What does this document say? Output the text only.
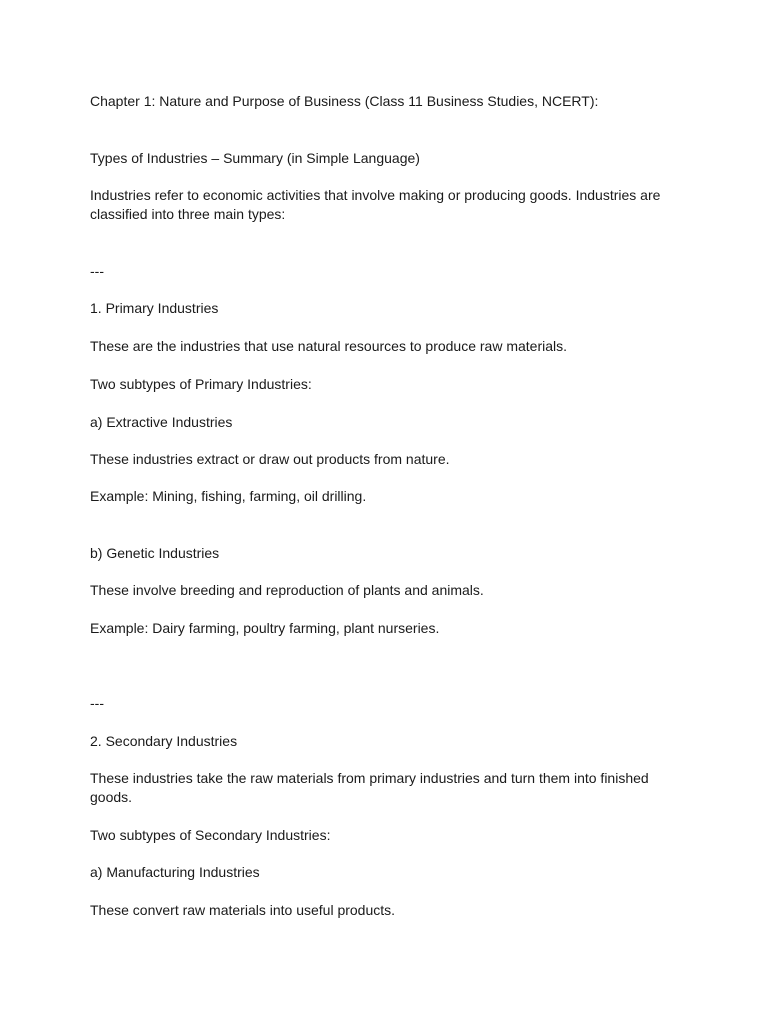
Chapter 1: Nature and Purpose of Business (Class 11 Business Studies, NCERT):

Types of Industries – Summary (in Simple Language)

Industries refer to economic activities that involve making or producing goods. Industries are classified into three main types:

---

1. Primary Industries

These are the industries that use natural resources to produce raw materials.

Two subtypes of Primary Industries:

a) Extractive Industries

These industries extract or draw out products from nature.

Example: Mining, fishing, farming, oil drilling.

b) Genetic Industries

These involve breeding and reproduction of plants and animals.

Example: Dairy farming, poultry farming, plant nurseries.

---

2. Secondary Industries

These industries take the raw materials from primary industries and turn them into finished goods.

Two subtypes of Secondary Industries:

a) Manufacturing Industries

These convert raw materials into useful products.
